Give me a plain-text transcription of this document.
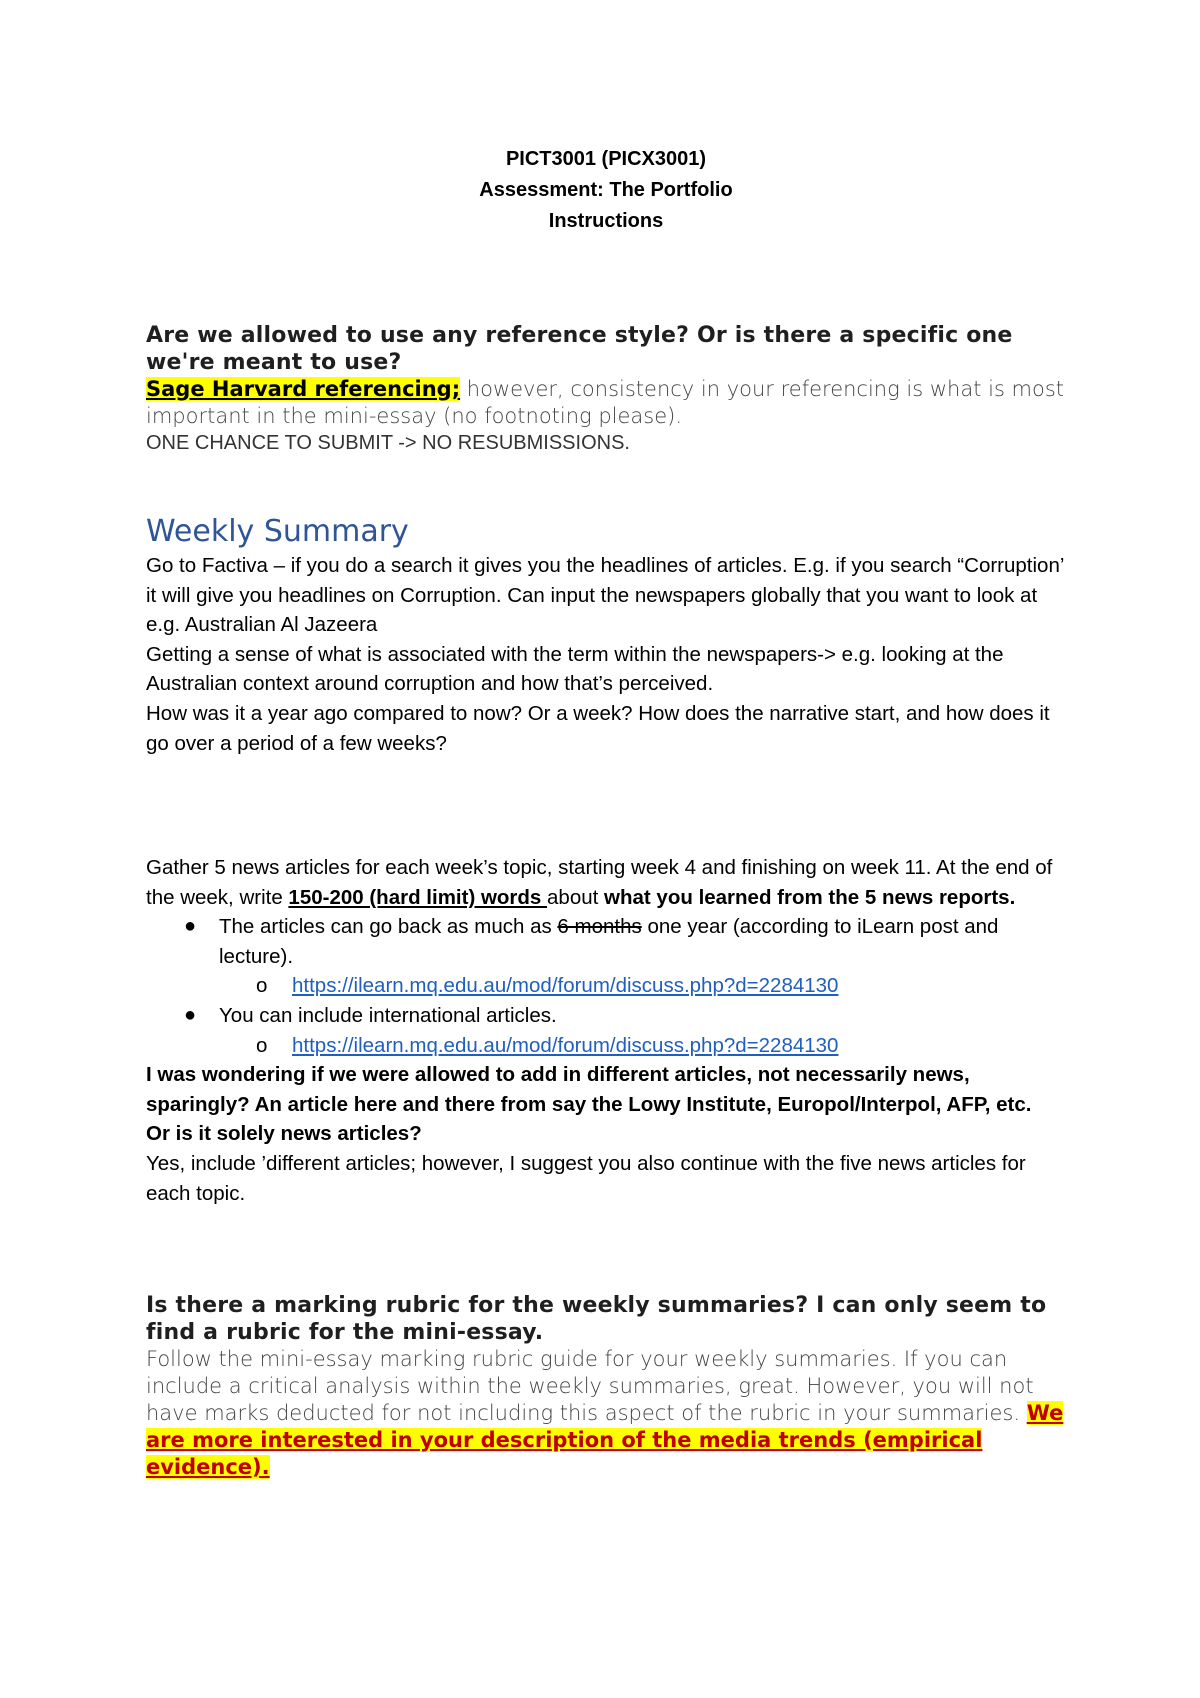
PICT3001 (PICX3001)
Assessment: The Portfolio
Instructions
Are we allowed to use any reference style? Or is there a specific one we're meant to use?
Sage Harvard referencing; however, consistency in your referencing is what is most important in the mini-essay (no footnoting please).
ONE CHANCE TO SUBMIT -> NO RESUBMISSIONS.
Weekly Summary
Go to Factiva – if you do a search it gives you the headlines of articles. E.g. if you search “Corruption’ it will give you headlines on Corruption. Can input the newspapers globally that you want to look at e.g. Australian Al Jazeera
Getting a sense of what is associated with the term within the newspapers-> e.g. looking at the Australian context around corruption and how that’s perceived.
How was it a year ago compared to now? Or a week? How does the narrative start, and how does it go over a period of a few weeks?

Gather 5 news articles for each week’s topic, starting week 4 and finishing on week 11. At the end of the week, write 150-200 (hard limit) words about what you learned from the 5 news reports.

● The articles can go back as much as 6 months one year (according to iLearn post and lecture).
o https://ilearn.mq.edu.au/mod/forum/discuss.php?d=2284130
● You can include international articles.
o https://ilearn.mq.edu.au/mod/forum/discuss.php?d=2284130

I was wondering if we were allowed to add in different articles, not necessarily news, sparingly? An article here and there from say the Lowy Institute, Europol/Interpol, AFP, etc.

Or is it solely news articles?

Yes, include ’different articles; however, I suggest you also continue with the five news articles for each topic.

Is there a marking rubric for the weekly summaries? I can only seem to find a rubric for the mini-essay.
Follow the mini-essay marking rubric guide for your weekly summaries. If you can include a critical analysis within the weekly summaries, great. However, you will not have marks deducted for not including this aspect of the rubric in your summaries. We are more interested in your description of the media trends (empirical evidence).
